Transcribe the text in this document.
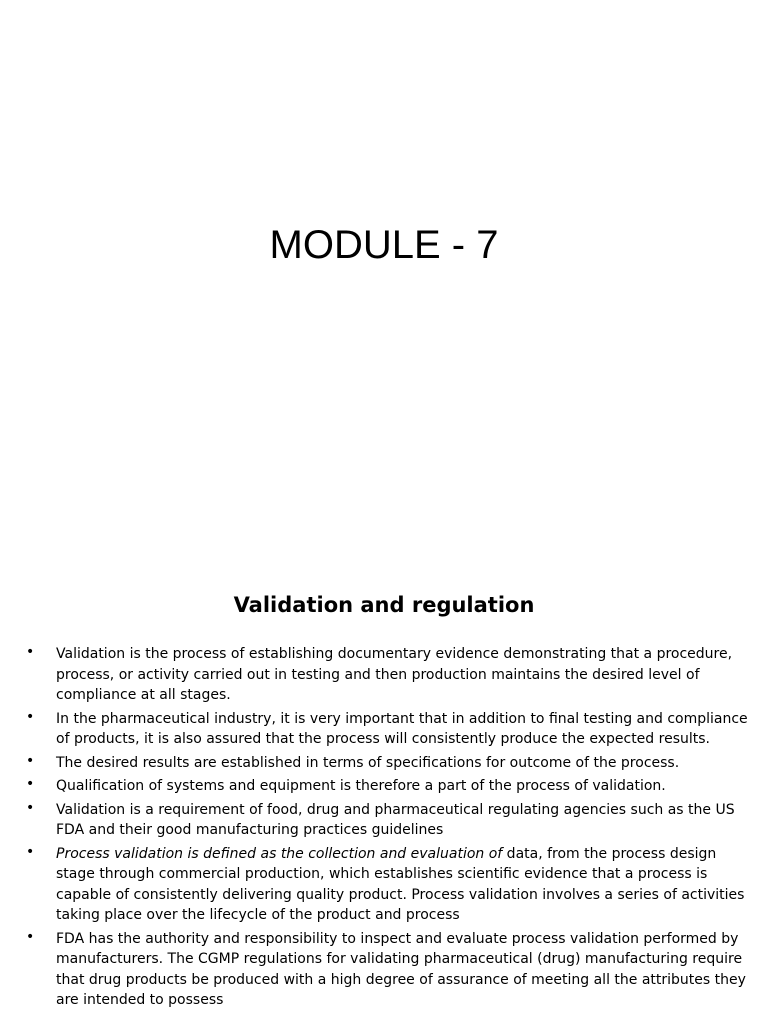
MODULE - 7
Validation and regulation
• Validation is the process of establishing documentary evidence demonstrating that a procedure, process, or activity carried out in testing and then production maintains the desired level of compliance at all stages.
• In the pharmaceutical industry, it is very important that in addition to final testing and compliance of products, it is also assured that the process will consistently produce the expected results.
• The desired results are established in terms of specifications for outcome of the process.
• Qualification of systems and equipment is therefore a part of the process of validation.
• Validation is a requirement of food, drug and pharmaceutical regulating agencies such as the US FDA and their good manufacturing practices guidelines
• Process validation is defined as the collection and evaluation of data, from the process design stage through commercial production, which establishes scientific evidence that a process is capable of consistently delivering quality product. Process validation involves a series of activities taking place over the lifecycle of the product and process
• FDA has the authority and responsibility to inspect and evaluate process validation performed by manufacturers. The CGMP regulations for validating pharmaceutical (drug) manufacturing require that drug products be produced with a high degree of assurance of meeting all the attributes they are intended to possess
